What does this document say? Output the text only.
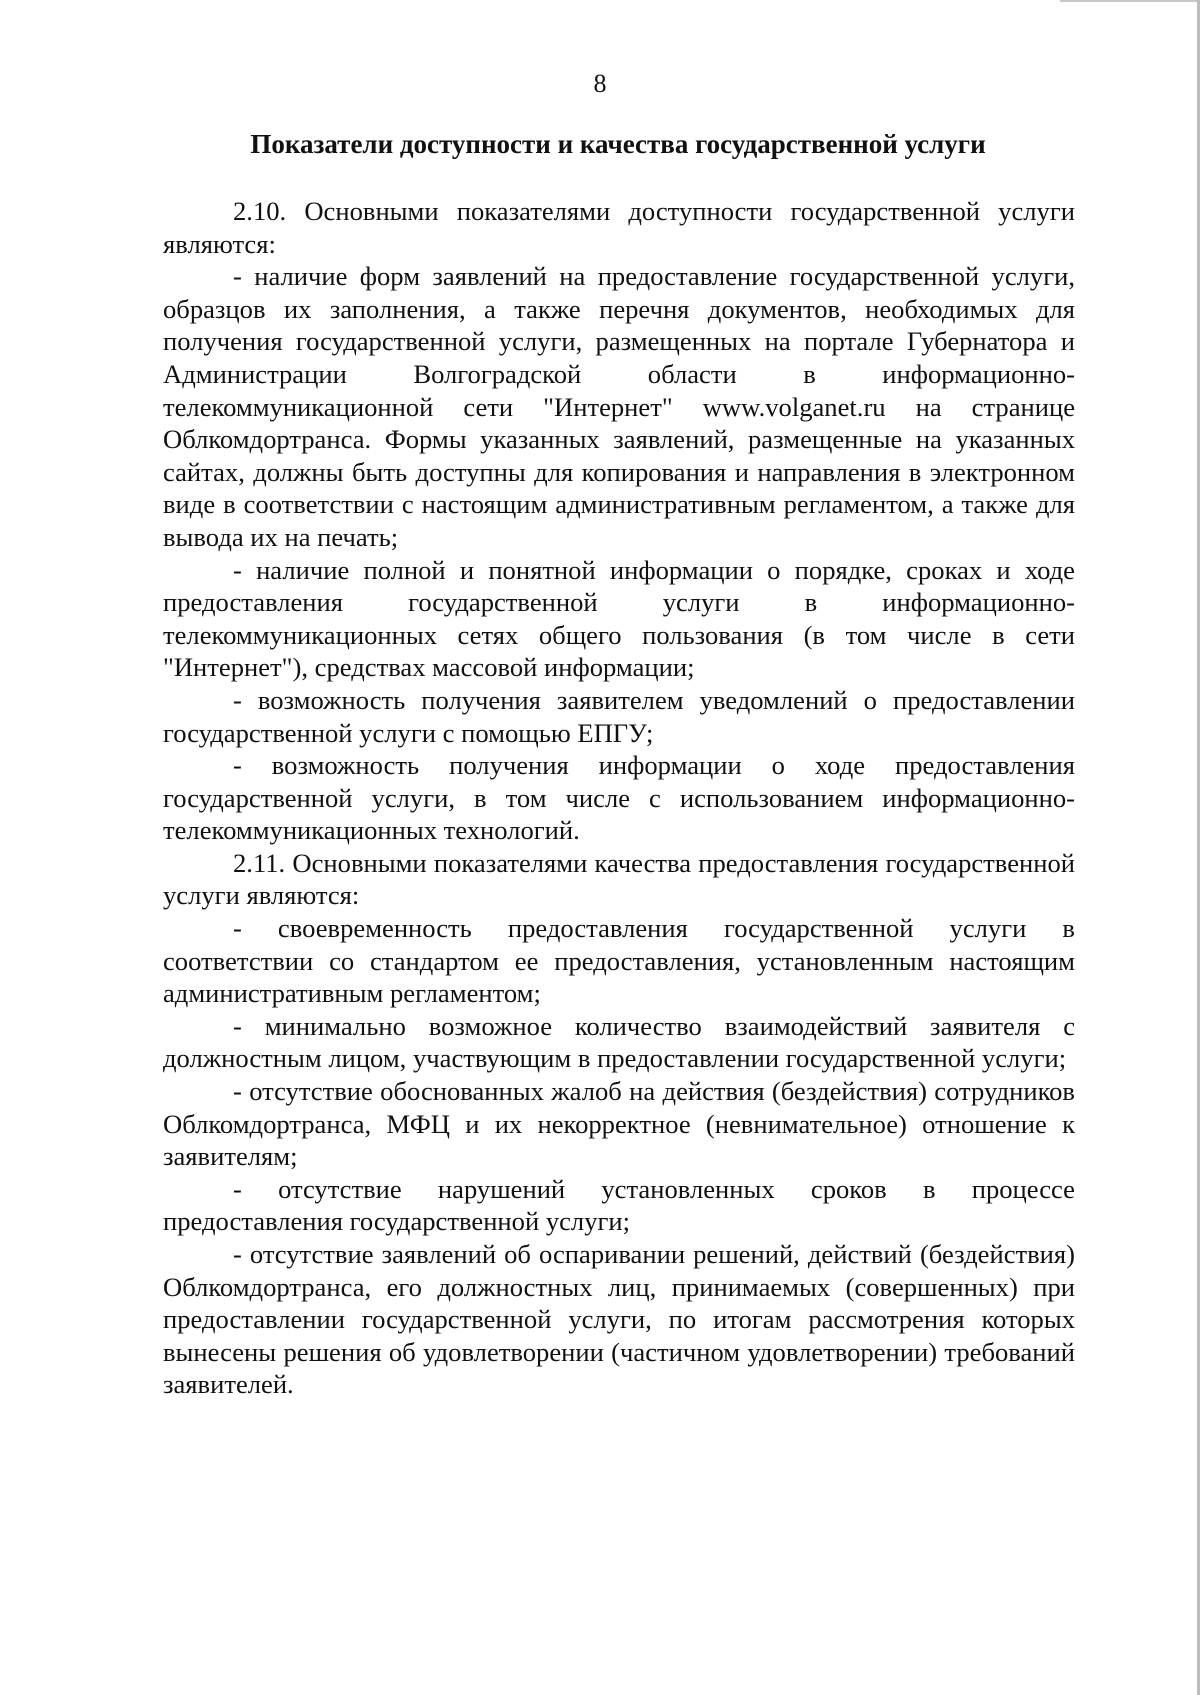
8
Показатели доступности и качества государственной услуги

2.10. Основными показателями доступности государственной услуги являются:

- наличие форм заявлений на предоставление государственной услуги, образцов их заполнения, а также перечня документов, необходимых для получения государственной услуги, размещенных на портале Губернатора и Администрации Волгоградской области в информационно-телекоммуникационной сети "Интернет" www.volganet.ru на странице Облкомдортранса. Формы указанных заявлений, размещенные на указанных сайтах, должны быть доступны для копирования и направления в электронном виде в соответствии с настоящим административным регламентом, а также для вывода их на печать;

- наличие полной и понятной информации о порядке, сроках и ходе предоставления государственной услуги в информационно-телекоммуникационных сетях общего пользования (в том числе в сети "Интернет"), средствах массовой информации;

- возможность получения заявителем уведомлений о предоставлении государственной услуги с помощью ЕПГУ;

- возможность получения информации о ходе предоставления государственной услуги, в том числе с использованием информационно-телекоммуникационных технологий.

2.11. Основными показателями качества предоставления государственной услуги являются:

- своевременность предоставления государственной услуги в соответствии со стандартом ее предоставления, установленным настоящим административным регламентом;

- минимально возможное количество взаимодействий заявителя с должностным лицом, участвующим в предоставлении государственной услуги;

- отсутствие обоснованных жалоб на действия (бездействия) сотрудников Облкомдортранса, МФЦ и их некорректное (невнимательное) отношение к заявителям;

- отсутствие нарушений установленных сроков в процессе предоставления государственной услуги;

- отсутствие заявлений об оспаривании решений, действий (бездействия) Облкомдортранса, его должностных лиц, принимаемых (совершенных) при предоставлении государственной услуги, по итогам рассмотрения которых вынесены решения об удовлетворении (частичном удовлетворении) требований заявителей.
